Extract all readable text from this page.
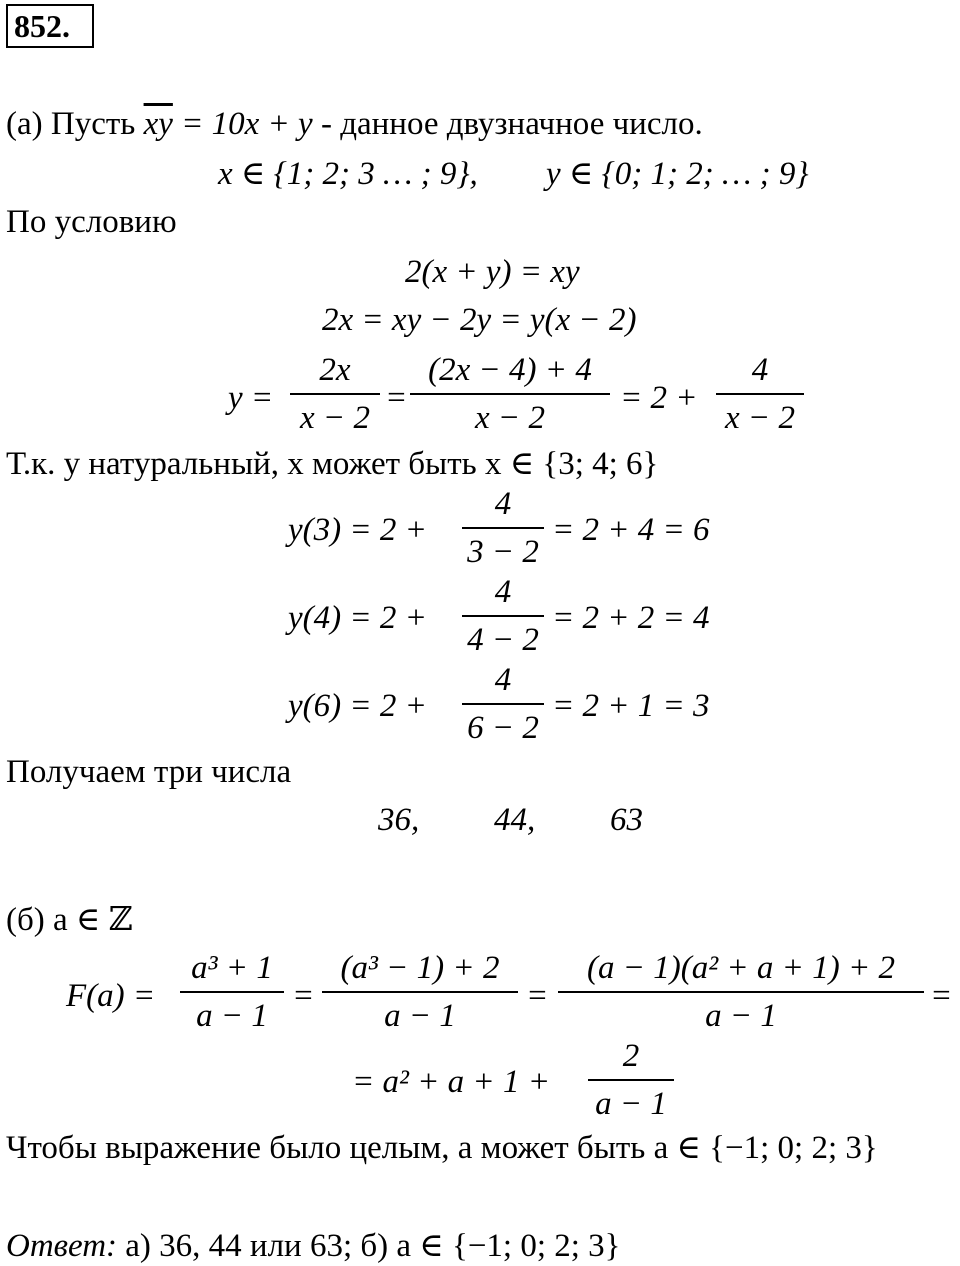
852.
(а) Пусть $\overline{xy} = 10x + y$ - данное двузначное число.
x ∈ {1; 2; 3 … ; 9}, y ∈ {0; 1; 2; … ; 9}
По условию
2(x + y) = xy
2x = xy − 2y = y(x − 2)
y =
2x
x − 2
=
(2x − 4) + 4
x − 2
= 2 +
4
x − 2
Т.к. y натуральный, x может быть x ∈ {3; 4; 6}
y(3) = 2 +
4
3 − 2
= 2 + 4 = 6
y(4) = 2 +
4
4 − 2
= 2 + 2 = 4
y(6) = 2 +
4
6 − 2
= 2 + 1 = 3
Получаем три числа
36, 44, 63
(б) a ∈ ℤ
F(a) =
a³ + 1
a − 1
=
(a³ − 1) + 2
a − 1
=
(a − 1)(a² + a + 1) + 2
a − 1
=
= a² + a + 1 +
2
a − 1
Чтобы выражение было целым, a может быть a ∈ {−1; 0; 2; 3}
Ответ: а) 36, 44 или 63; б) a ∈ {−1; 0; 2; 3}
